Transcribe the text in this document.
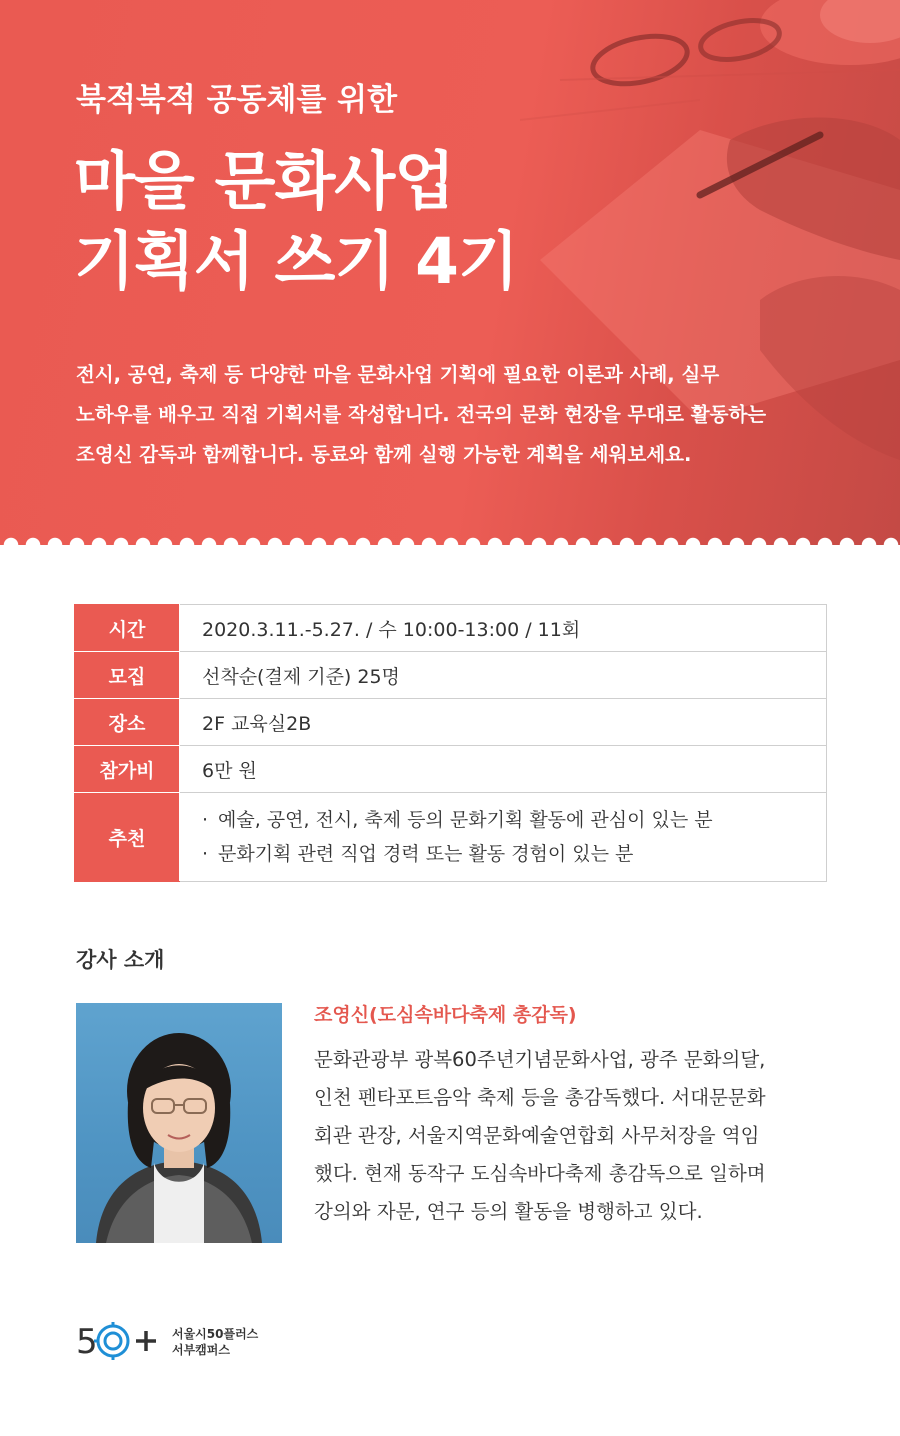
북적북적 공동체를 위한
마을 문화사업
기획서 쓰기 4기
전시, 공연, 축제 등 다양한 마을 문화사업 기획에 필요한 이론과 사례, 실무
노하우를 배우고 직접 기획서를 작성합니다. 전국의 문화 현장을 무대로 활동하는
조영신 감독과 함께합니다. 동료와 함께 실행 가능한 계획을 세워보세요.
시간	2020.3.11.-5.27. / 수 10:00-13:00 / 11회
모집	선착순(결제 기준) 25명
장소	2F 교육실2B
참가비	6만 원
추천	· 예술, 공연, 전시, 축제 등의 문화기획 활동에 관심이 있는 분
· 문화기획 관련 직업 경력 또는 활동 경험이 있는 분
강사 소개
조영신(도심속바다축제 총감독)
문화관광부 광복60주년기념문화사업, 광주 문화의달,
인천 펜타포트음악 축제 등을 총감독했다. 서대문문화
회관 관장, 서울지역문화예술연합회 사무처장을 역임
했다. 현재 동작구 도심속바다축제 총감독으로 일하며
강의와 자문, 연구 등의 활동을 병행하고 있다.
5	서울시50플러스
서부캠퍼스
